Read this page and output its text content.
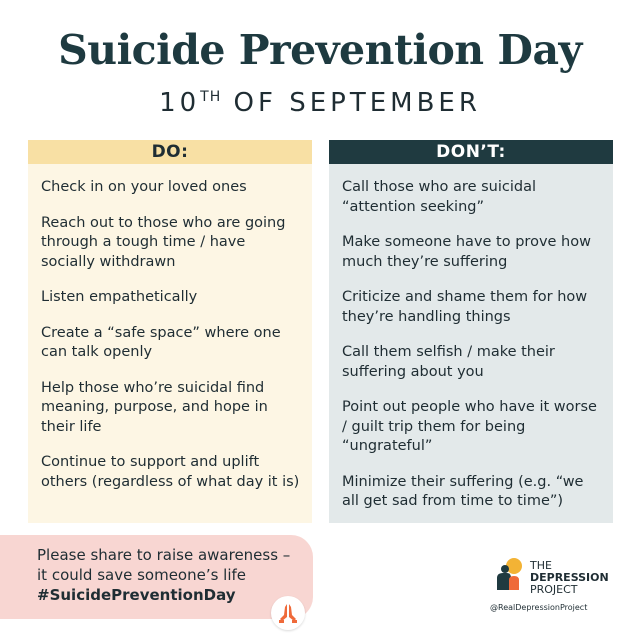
Suicide Prevention Day
10TH OF SEPTEMBER
DO:
Check in on your loved ones
Reach out to those who are going through a tough time / have socially withdrawn
Listen empathetically
Create a “safe space” where one can talk openly
Help those who’re suicidal find meaning, purpose, and hope in their life
Continue to support and uplift others (regardless of what day it is)
DON’T:
Call those who are suicidal “attention seeking”
Make someone have to prove how much they’re suffering
Criticize and shame them for how they’re handling things
Call them selfish / make their suffering about you
Point out people who have it worse / guilt trip them for being “ungrateful”
Minimize their suffering (e.g. “we all get sad from time to time”)
Please share to raise awareness –
it could save someone’s life
#SuicidePreventionDay
THE
DEPRESSION
PROJECT
@RealDepressionProject
